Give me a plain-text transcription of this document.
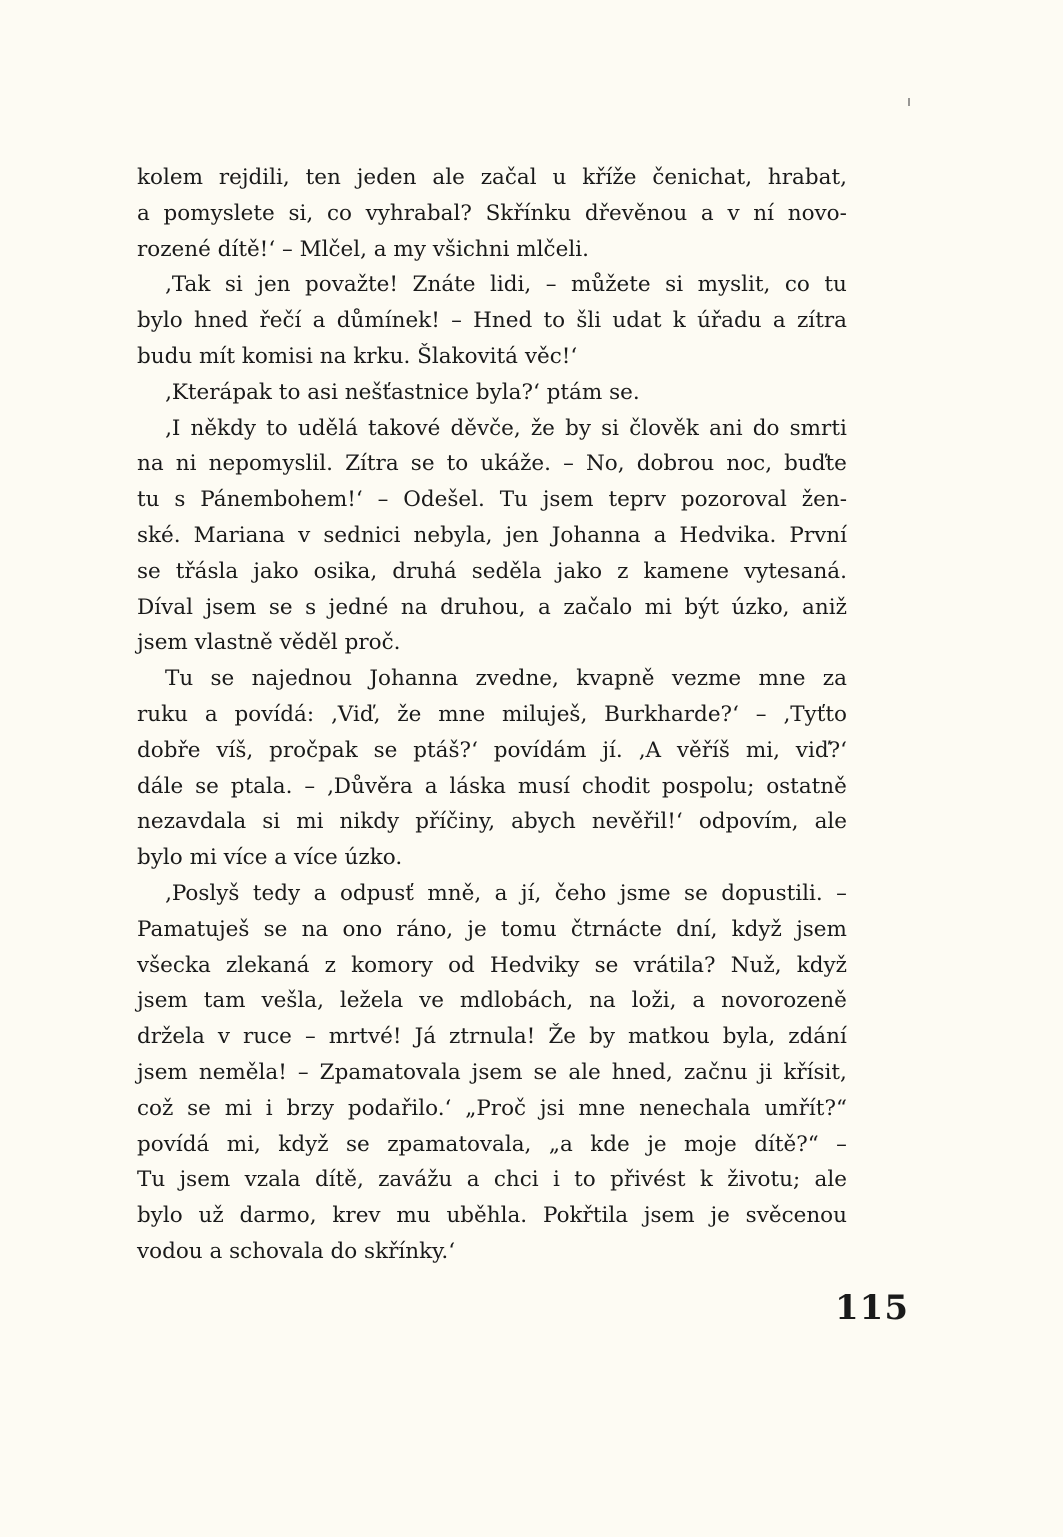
kolem rejdili, ten jeden ale začal u kříže čenichat, hrabat,
a pomyslete si, co vyhrabal? Skřínku dřevěnou a v ní novo-
rozené dítě!‘ – Mlčel, a my všichni mlčeli.
‚Tak si jen považte! Znáte lidi, – můžete si myslit, co tu
bylo hned řečí a důmínek! – Hned to šli udat k úřadu a zítra
budu mít komisi na krku. Šlakovitá věc!‘
‚Kterápak to asi nešťastnice byla?‘ ptám se.
‚I někdy to udělá takové děvče, že by si člověk ani do smrti
na ni nepomyslil. Zítra se to ukáže. – No, dobrou noc, buďte
tu s Pánembohem!‘ – Odešel. Tu jsem teprv pozoroval žen-
ské. Mariana v sednici nebyla, jen Johanna a Hedvika. První
se třásla jako osika, druhá seděla jako z kamene vytesaná.
Díval jsem se s jedné na druhou, a začalo mi být úzko, aniž
jsem vlastně věděl proč.
Tu se najednou Johanna zvedne, kvapně vezme mne za
ruku a povídá: ‚Viď, že mne miluješ, Burkharde?‘ – ‚Tyťto
dobře víš, pročpak se ptáš?‘ povídám jí. ‚A věříš mi, viď?‘
dále se ptala. – ‚Důvěra a láska musí chodit pospolu; ostatně
nezavdala si mi nikdy příčiny, abych nevěřil!‘ odpovím, ale
bylo mi více a více úzko.
‚Poslyš tedy a odpusť mně, a jí, čeho jsme se dopustili. –
Pamatuješ se na ono ráno, je tomu čtrnácte dní, když jsem
všecka zlekaná z komory od Hedviky se vrátila? Nuž, když
jsem tam vešla, ležela ve mdlobách, na loži, a novorozeně
držela v ruce – mrtvé! Já ztrnula! Že by matkou byla, zdání
jsem neměla! – Zpamatovala jsem se ale hned, začnu ji křísit,
což se mi i brzy podařilo.‘ „Proč jsi mne nenechala umřít?“
povídá mi, když se zpamatovala, „a kde je moje dítě?“ –
Tu jsem vzala dítě, zavážu a chci i to přivést k životu; ale
bylo už darmo, krev mu uběhla. Pokřtila jsem je svěcenou
vodou a schovala do skřínky.‘
115
